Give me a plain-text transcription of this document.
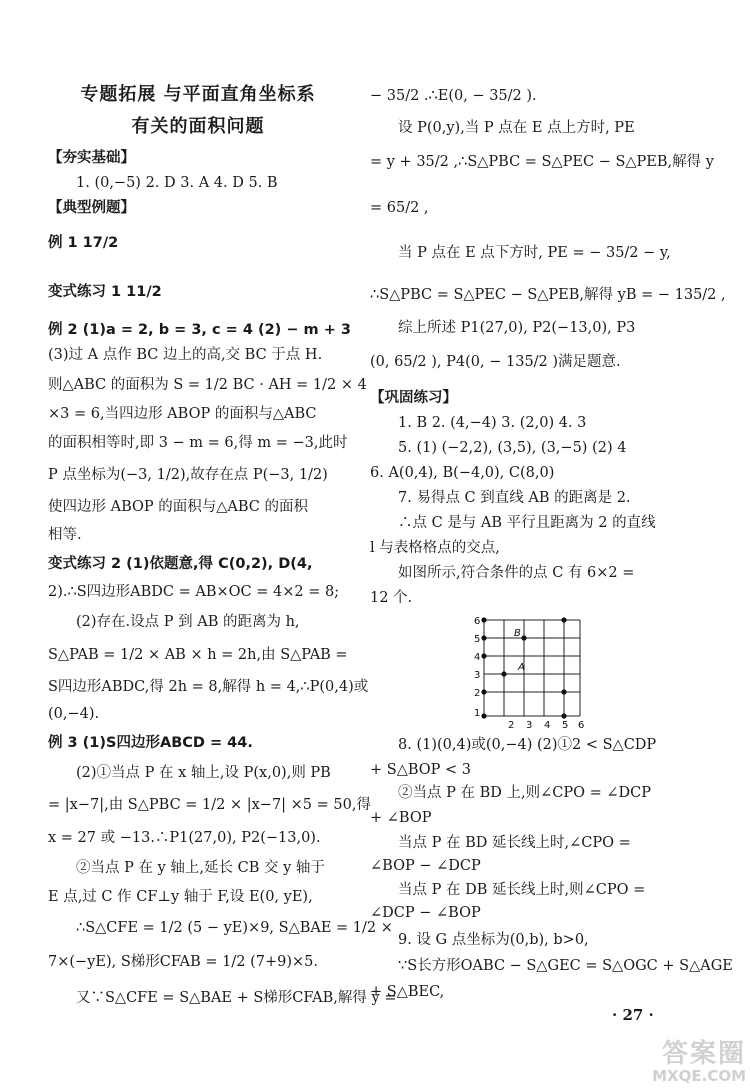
专题拓展 与平面直角坐标系
有关的面积问题
【夯实基础】
1. (0,−5) 2. D 3. A 4. D 5. B
【典型例题】
例 1 17/2
变式练习 1 11/2
例 2 (1)a = 2, b = 3, c = 4 (2) − m + 3
(3)过 A 点作 BC 边上的高,交 BC 于点 H.
则△ABC 的面积为 S = 1/2 BC · AH = 1/2 × 4
×3 = 6,当四边形 ABOP 的面积与△ABC
的面积相等时,即 3 − m = 6,得 m = −3,此时
P 点坐标为(−3, 1/2),故存在点 P(−3, 1/2)
使四边形 ABOP 的面积与△ABC 的面积
相等.
变式练习 2 (1)依题意,得 C(0,2), D(4,
2).∴S四边形ABDC = AB×OC = 4×2 = 8;
(2)存在.设点 P 到 AB 的距离为 h,
S△PAB = 1/2 × AB × h = 2h,由 S△PAB =
S四边形ABDC,得 2h = 8,解得 h = 4,∴P(0,4)或
(0,−4).
例 3 (1)S四边形ABCD = 44.
(2)①当点 P 在 x 轴上,设 P(x,0),则 PB
= |x−7|,由 S△PBC = 1/2 × |x−7| ×5 = 50,得
x = 27 或 −13.∴P1(27,0), P2(−13,0).
②当点 P 在 y 轴上,延长 CB 交 y 轴于
E 点,过 C 作 CF⊥y 轴于 F,设 E(0, yE),
∴S△CFE = 1/2 (5 − yE)×9, S△BAE = 1/2 ×
7×(−yE), S梯形CFAB = 1/2 (7+9)×5.
又∵S△CFE = S△BAE + S梯形CFAB,解得 y =
− 35/2 .∴E(0, − 35/2 ).
设 P(0,y),当 P 点在 E 点上方时, PE
= y + 35/2 ,∴S△PBC = S△PEC − S△PEB,解得 y
= 65/2 ,
当 P 点在 E 点下方时, PE = − 35/2 − y,
∴S△PBC = S△PEC − S△PEB,解得 yB = − 135/2 ,
综上所述 P1(27,0), P2(−13,0), P3
(0, 65/2 ), P4(0, − 135/2 )满足题意.
【巩固练习】
1. B 2. (4,−4) 3. (2,0) 4. 3
5. (1) (−2,2), (3,5), (3,−5) (2) 4
6. A(0,4), B(−4,0), C(8,0)
7. 易得点 C 到直线 AB 的距离是 2.
∴点 C 是与 AB 平行且距离为 2 的直线
l 与表格格点的交点,
如图所示,符合条件的点 C 有 6×2 =
12 个.
8. (1)(0,4)或(0,−4) (2)①2 < S△CDP
+ S△BOP < 3
②当点 P 在 BD 上,则∠CPO = ∠DCP
+ ∠BOP
当点 P 在 BD 延长线上时,∠CPO =
∠BOP − ∠DCP
当点 P 在 DB 延长线上时,则∠CPO =
∠DCP − ∠BOP
9. 设 G 点坐标为(0,b), b>0,
∵S长方形OABC − S△GEC = S△OGC + S△AGE
+ S△BEC,
6
5
4
3
2
1
2 3 4 5 6
B
A
· 27 ·
答案圈
MXQE.COM
